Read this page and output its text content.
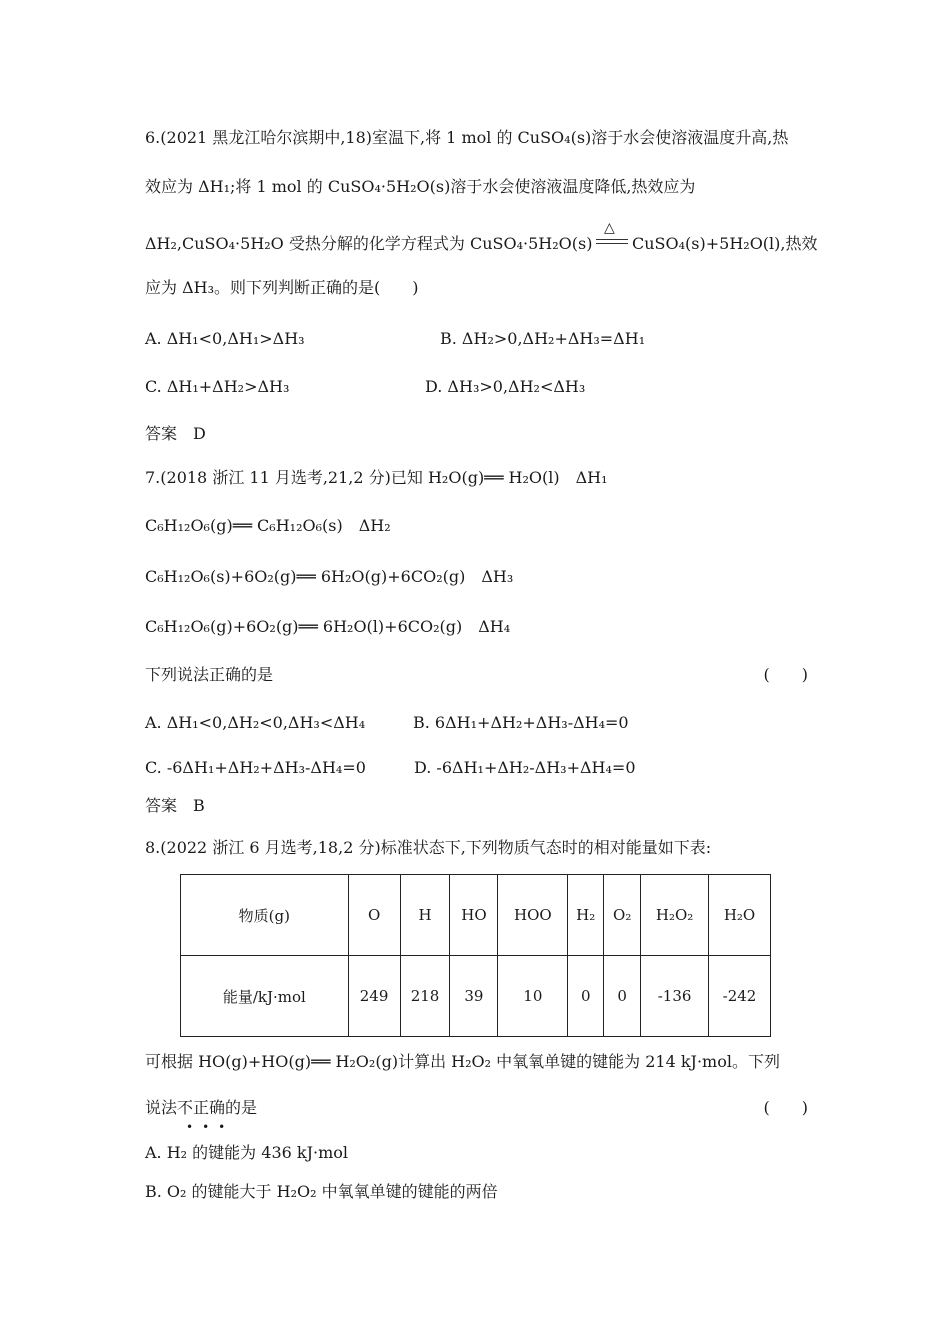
6.(2021 黑龙江哈尔滨期中,18)室温下,将 1 mol 的 CuSO₄(s)溶于水会使溶液温度升高,热
效应为 ΔH₁;将 1 mol 的 CuSO₄·5H₂O(s)溶于水会使溶液温度降低,热效应为
ΔH₂,CuSO₄·5H₂O 受热分解的化学方程式为 CuSO₄·5H₂O(s)
△
CuSO₄(s)+5H₂O(l),热效
应为 ΔH₃。则下列判断正确的是(　　)
A. ΔH₁<0,ΔH₁>ΔH₃	B. ΔH₂>0,ΔH₂+ΔH₃=ΔH₁
C. ΔH₁+ΔH₂>ΔH₃	D. ΔH₃>0,ΔH₂<ΔH₃
答案　D
7.(2018 浙江 11 月选考,21,2 分)已知 H₂O(g)══ H₂O(l)　ΔH₁
C₆H₁₂O₆(g)══ C₆H₁₂O₆(s)　ΔH₂
C₆H₁₂O₆(s)+6O₂(g)══ 6H₂O(g)+6CO₂(g)　ΔH₃
C₆H₁₂O₆(g)+6O₂(g)══ 6H₂O(l)+6CO₂(g)　ΔH₄
下列说法正确的是	(　　)
A. ΔH₁<0,ΔH₂<0,ΔH₃<ΔH₄	B. 6ΔH₁+ΔH₂+ΔH₃-ΔH₄=0
C. -6ΔH₁+ΔH₂+ΔH₃-ΔH₄=0	D. -6ΔH₁+ΔH₂-ΔH₃+ΔH₄=0
答案　B
8.(2022 浙江 6 月选考,18,2 分)标准状态下,下列物质气态时的相对能量如下表:
物质(g)	O	H	HO	HOO	H₂	O₂	H₂O₂	H₂O
能量/kJ·mol	249	218	39	10	0	0	-136	-242
可根据 HO(g)+HO(g)══ H₂O₂(g)计算出 H₂O₂ 中氧氧单键的键能为 214 kJ·mol。下列
说法不正确的是
•••
(　　)
A. H₂ 的键能为 436 kJ·mol
B. O₂ 的键能大于 H₂O₂ 中氧氧单键的键能的两倍
